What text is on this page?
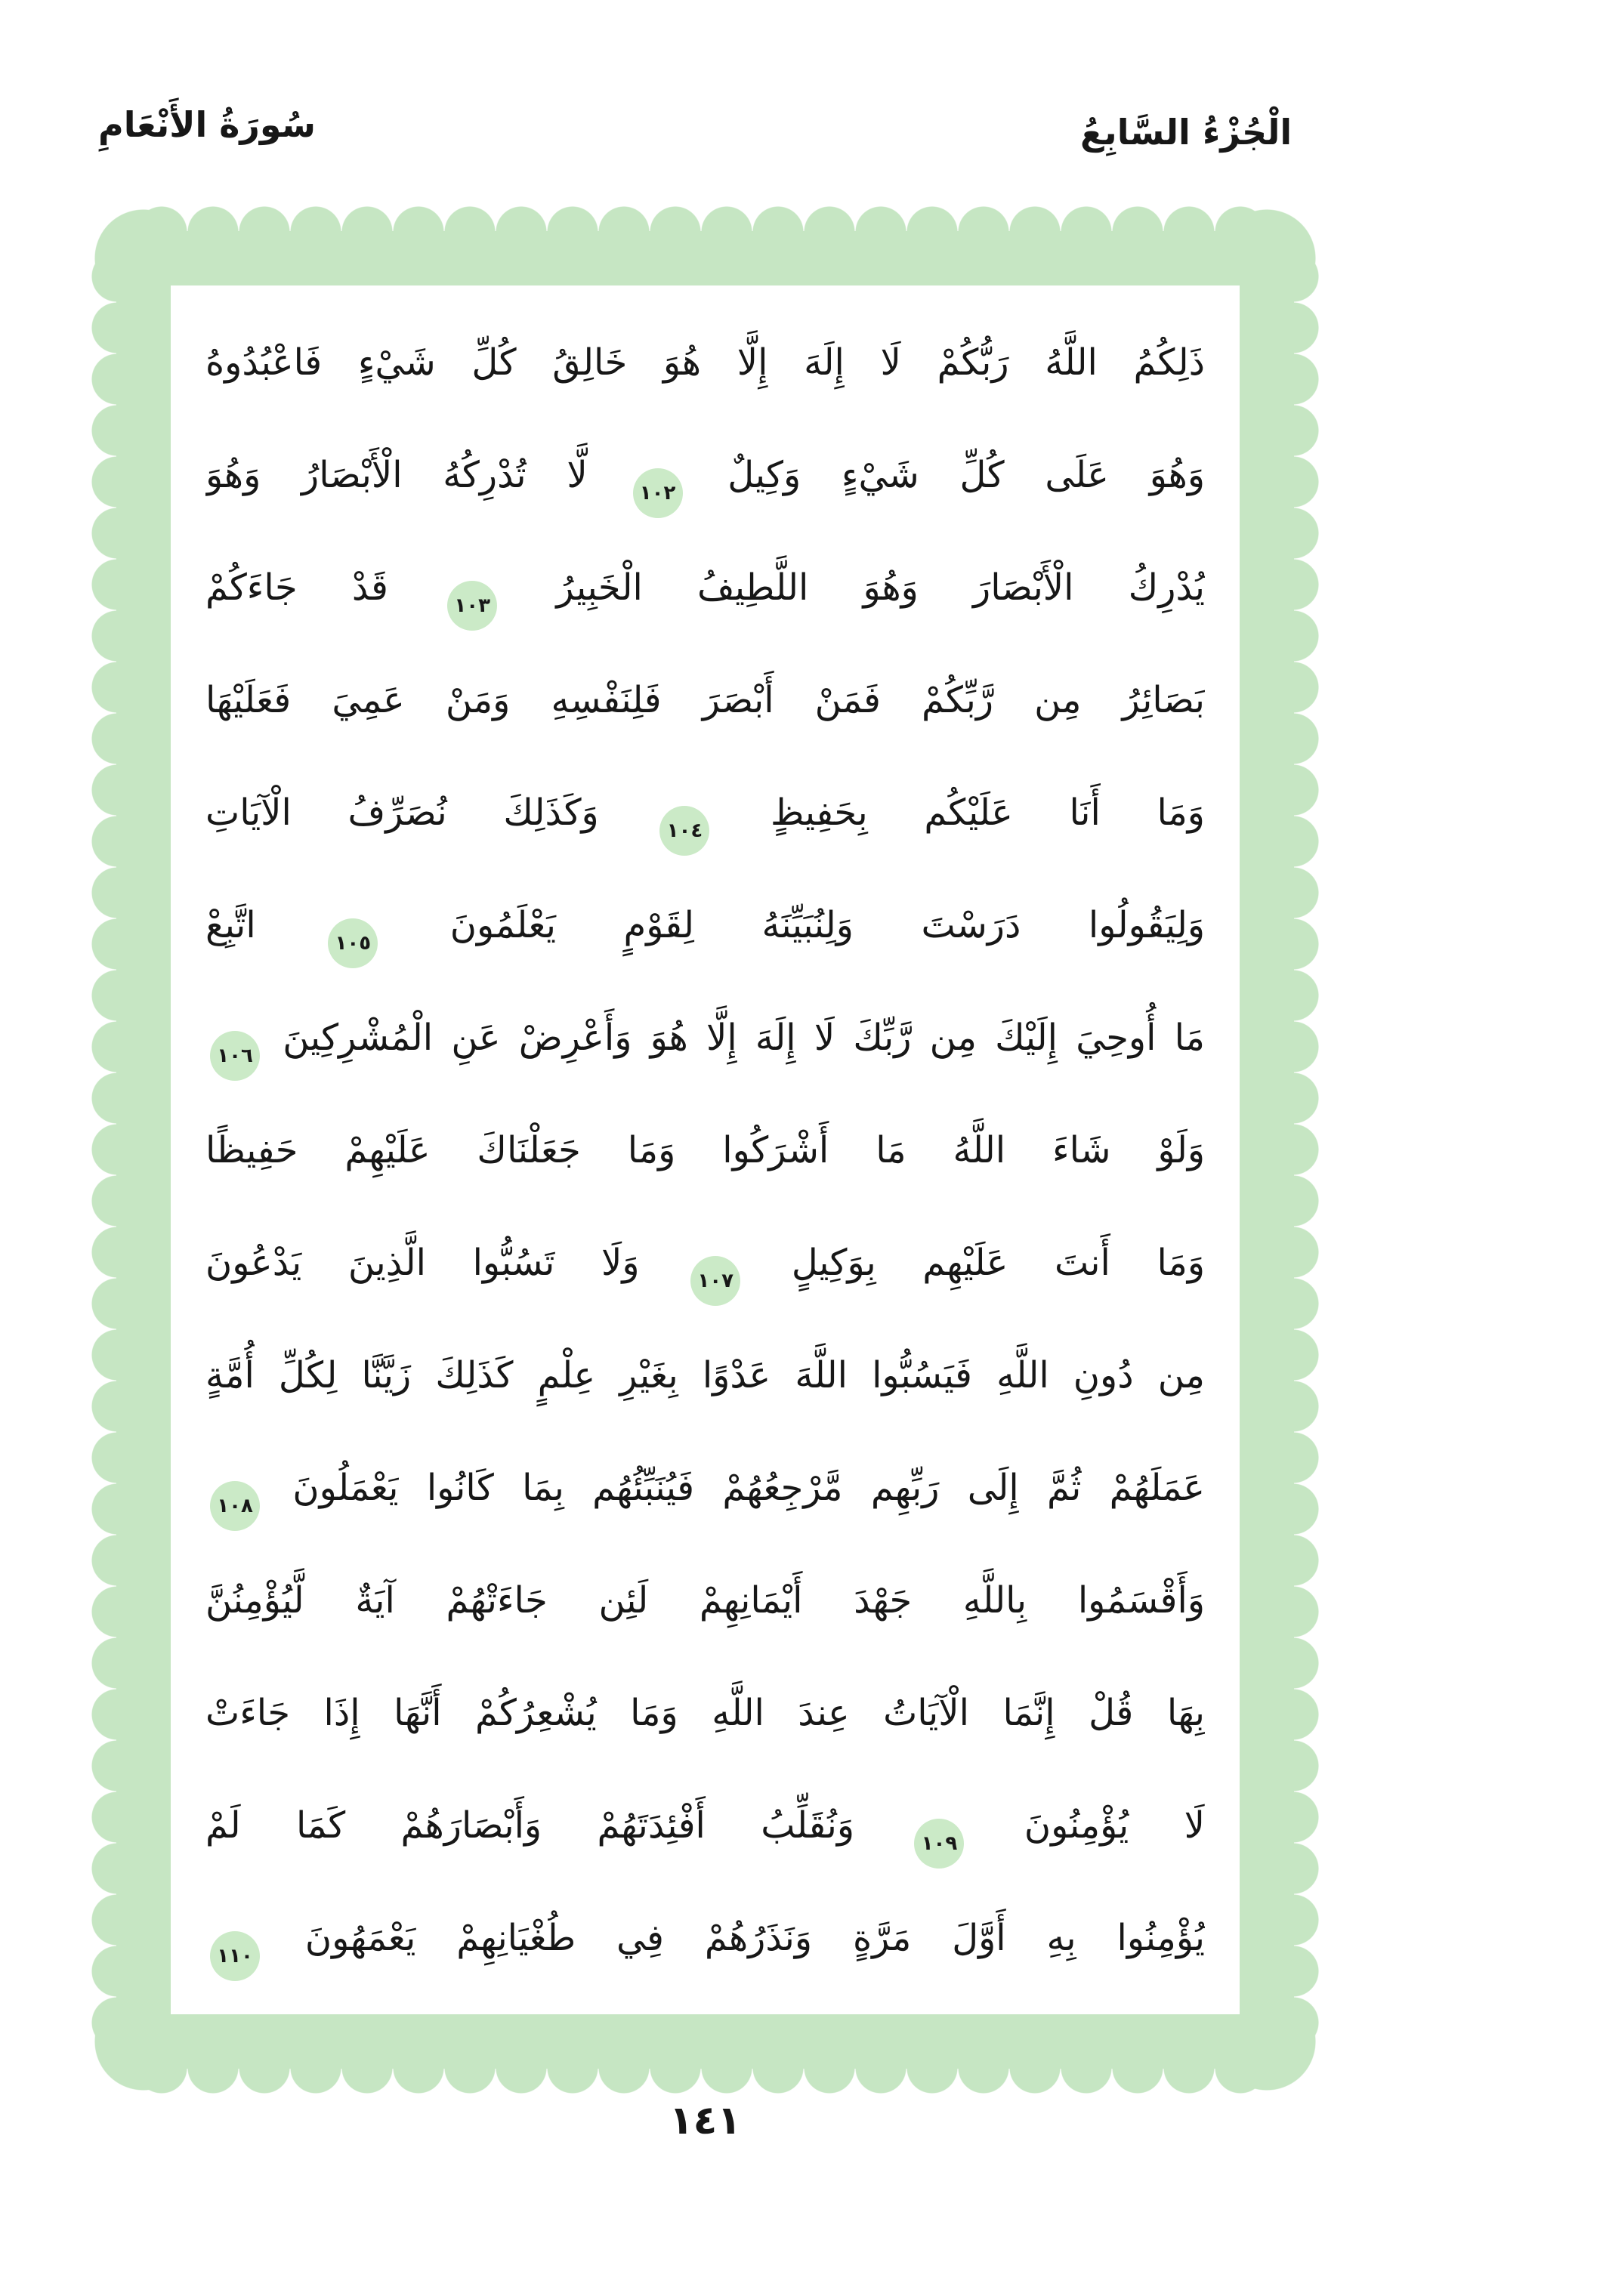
سُورَةُ الأَنْعَامِ	الْجُزْءُ السَّابِعُ
ذَلِكُمُ اللَّهُ رَبُّكُمْ لَا إِلَهَ إِلَّا هُوَ خَالِقُ كُلِّ شَيْءٍ فَاعْبُدُوهُ
وَهُوَ عَلَى كُلِّ شَيْءٍ وَكِيلٌ
١٠٢
لَّا تُدْرِكُهُ الْأَبْصَارُ وَهُوَ
يُدْرِكُ الْأَبْصَارَ وَهُوَ اللَّطِيفُ الْخَبِيرُ
١٠٣
قَدْ جَاءَكُمْ
بَصَائِرُ مِن رَّبِّكُمْ فَمَنْ أَبْصَرَ فَلِنَفْسِهِ وَمَنْ عَمِيَ فَعَلَيْهَا
وَمَا أَنَا عَلَيْكُم بِحَفِيظٍ
١٠٤
وَكَذَلِكَ نُصَرِّفُ الْآيَاتِ
وَلِيَقُولُوا دَرَسْتَ وَلِنُبَيِّنَهُ لِقَوْمٍ يَعْلَمُونَ
١٠٥
اتَّبِعْ
مَا أُوحِيَ إِلَيْكَ مِن رَّبِّكَ لَا إِلَهَ إِلَّا هُوَ وَأَعْرِضْ عَنِ الْمُشْرِكِينَ
١٠٦
وَلَوْ شَاءَ اللَّهُ مَا أَشْرَكُوا وَمَا جَعَلْنَاكَ عَلَيْهِمْ حَفِيظًا
وَمَا أَنتَ عَلَيْهِم بِوَكِيلٍ
١٠٧
وَلَا تَسُبُّوا الَّذِينَ يَدْعُونَ
مِن دُونِ اللَّهِ فَيَسُبُّوا اللَّهَ عَدْوًا بِغَيْرِ عِلْمٍ كَذَلِكَ زَيَّنَّا لِكُلِّ أُمَّةٍ
عَمَلَهُمْ ثُمَّ إِلَى رَبِّهِم مَّرْجِعُهُمْ فَيُنَبِّئُهُم بِمَا كَانُوا يَعْمَلُونَ
١٠٨
وَأَقْسَمُوا بِاللَّهِ جَهْدَ أَيْمَانِهِمْ لَئِن جَاءَتْهُمْ آيَةٌ لَّيُؤْمِنُنَّ
بِهَا قُلْ إِنَّمَا الْآيَاتُ عِندَ اللَّهِ وَمَا يُشْعِرُكُمْ أَنَّهَا إِذَا جَاءَتْ
لَا يُؤْمِنُونَ
١٠٩
وَنُقَلِّبُ أَفْئِدَتَهُمْ وَأَبْصَارَهُمْ كَمَا لَمْ
يُؤْمِنُوا بِهِ أَوَّلَ مَرَّةٍ وَنَذَرُهُمْ فِي طُغْيَانِهِمْ يَعْمَهُونَ
١١٠
١٤١
